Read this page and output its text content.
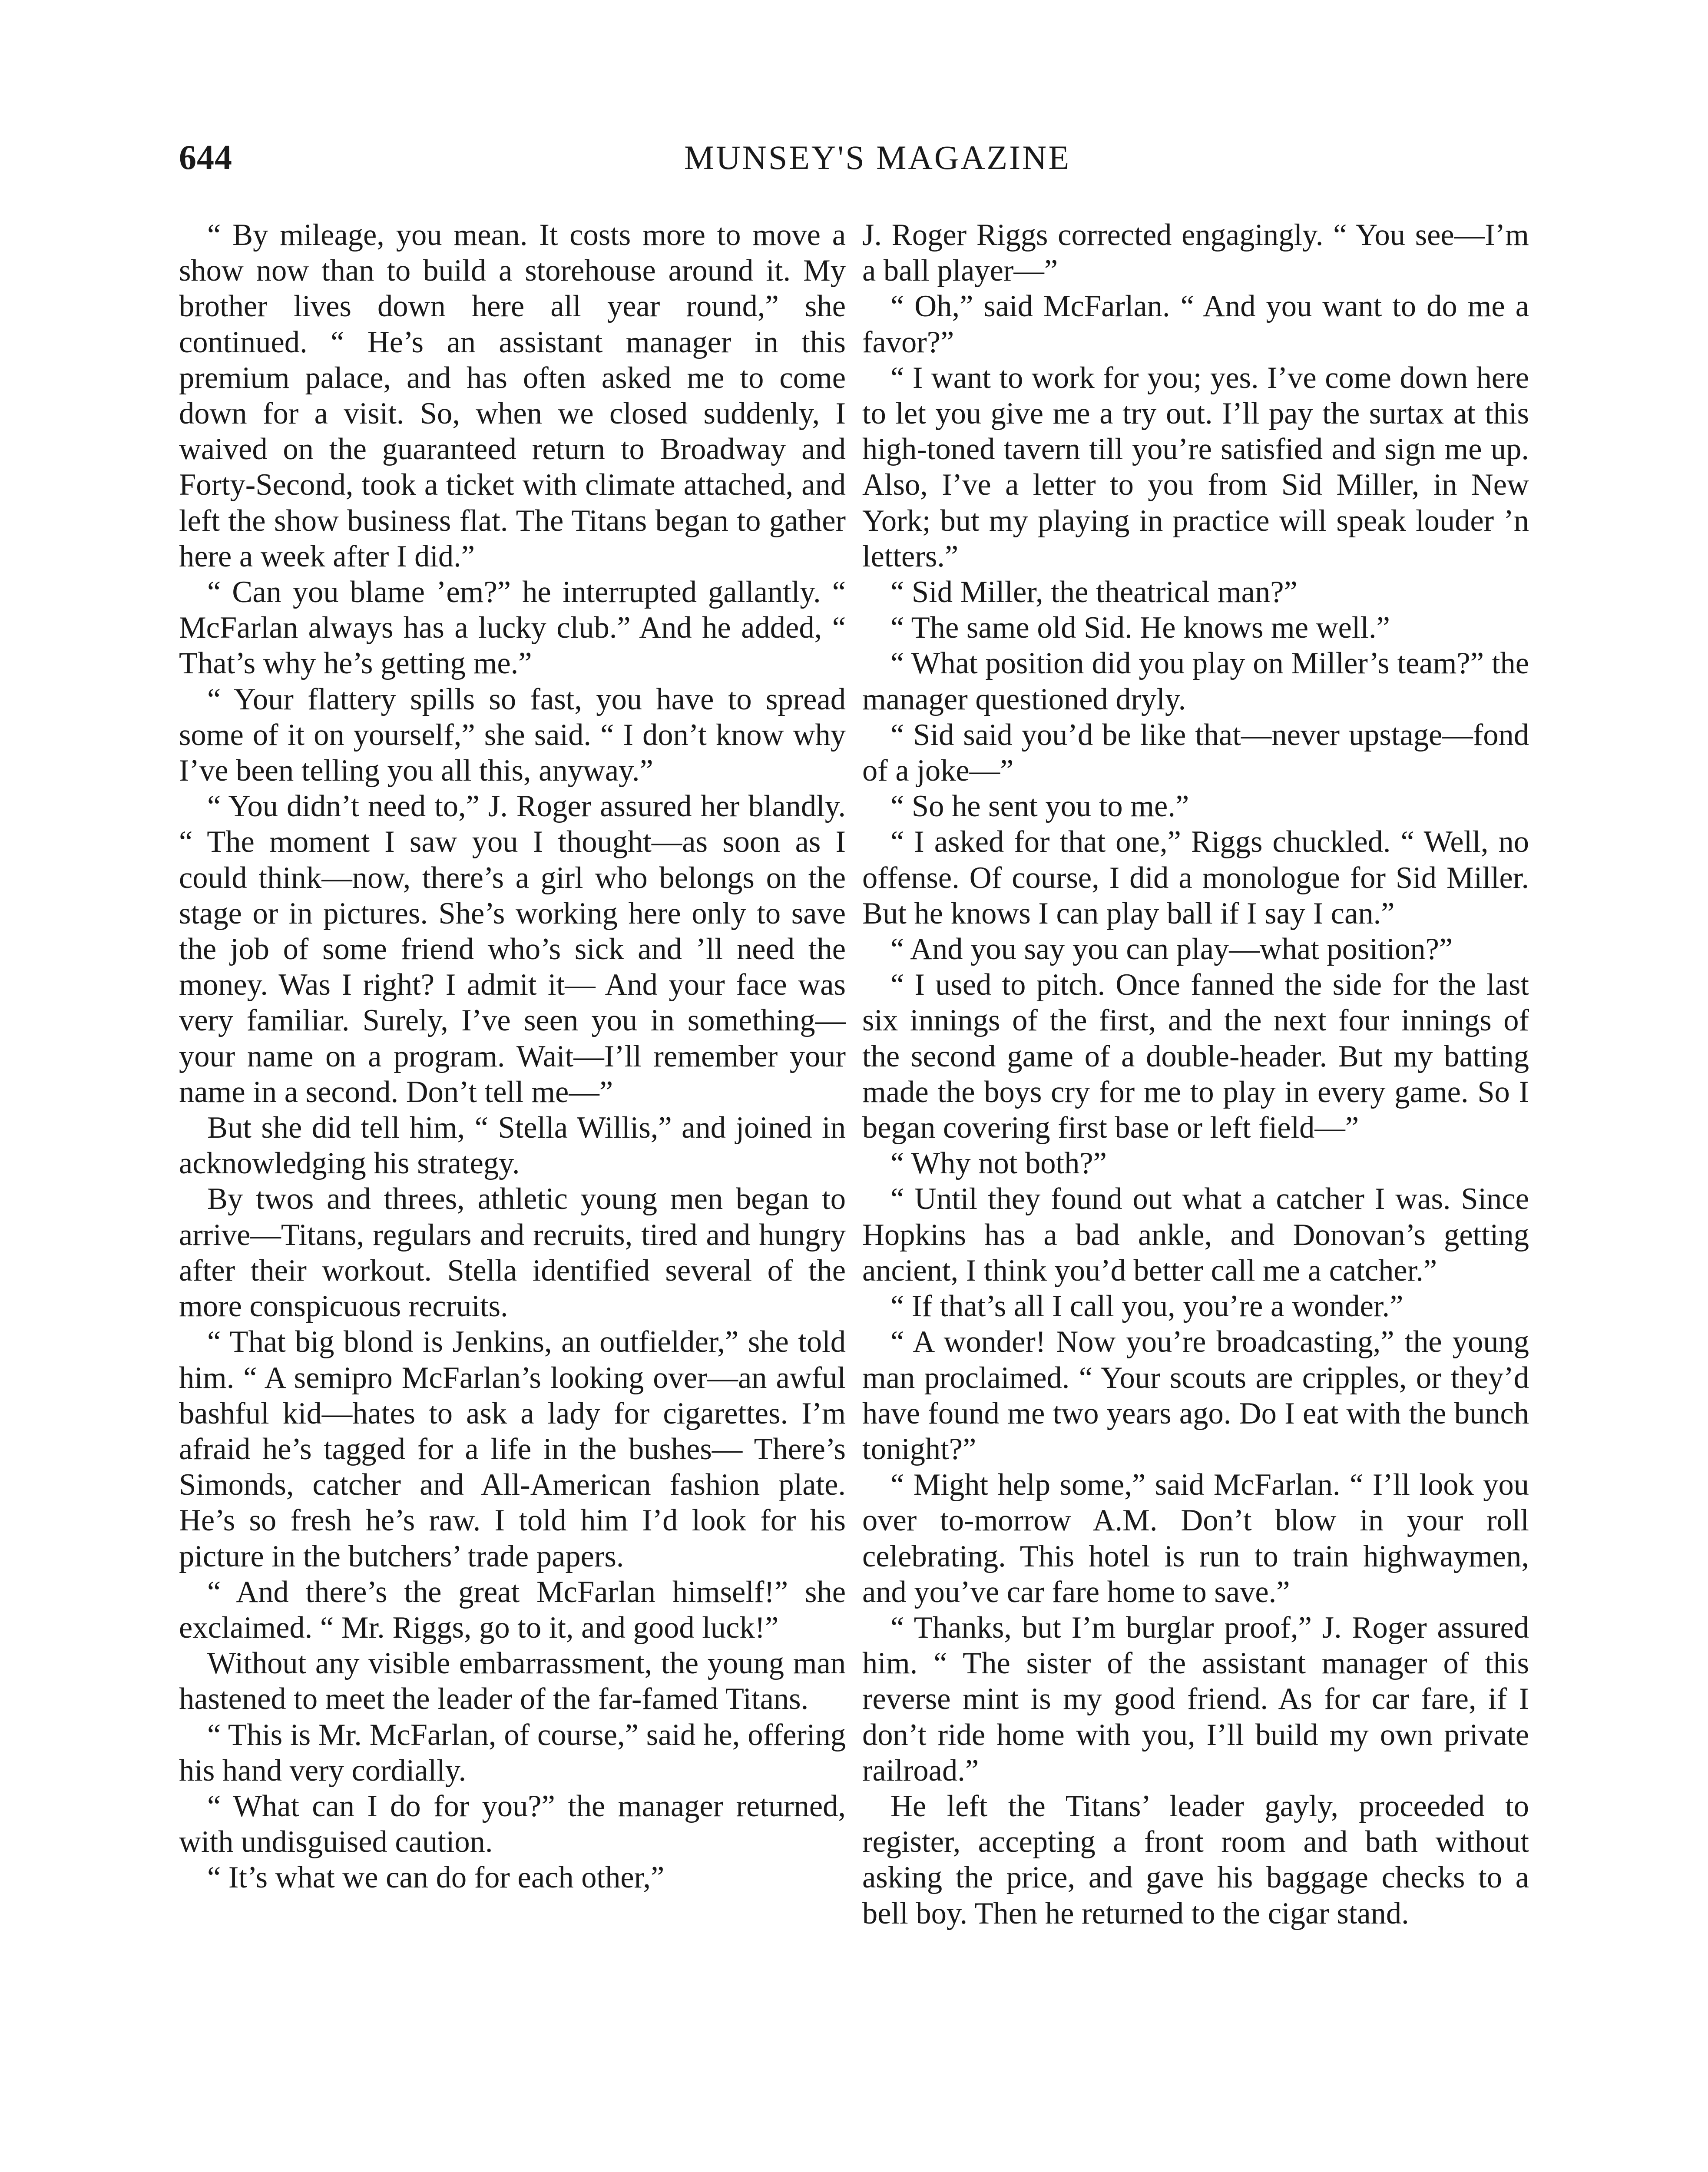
644	MUNSEY'S MAGAZINE

“ By mileage, you mean. It costs more to move a show now than to build a storehouse around it. My brother lives down here all year round,” she continued. “ He’s an assistant manager in this premium palace, and has often asked me to come down for a visit. So, when we closed suddenly, I waived on the guaranteed return to Broadway and Forty-Second, took a ticket with climate attached, and left the show business flat. The Titans began to gather here a week after I did.”

“ Can you blame ’em?” he interrupted gallantly. “ McFarlan always has a lucky club.” And he added, “ That’s why he’s getting me.”

“ Your flattery spills so fast, you have to spread some of it on yourself,” she said. “ I don’t know why I’ve been telling you all this, anyway.”

“ You didn’t need to,” J. Roger assured her blandly. “ The moment I saw you I thought—as soon as I could think—now, there’s a girl who belongs on the stage or in pictures. She’s working here only to save the job of some friend who’s sick and ’ll need the money. Was I right? I admit it— And your face was very familiar. Surely, I’ve seen you in something—your name on a program. Wait—I’ll remember your name in a second. Don’t tell me—”

But she did tell him, “ Stella Willis,” and joined in acknowledging his strategy.

By twos and threes, athletic young men began to arrive—Titans, regulars and recruits, tired and hungry after their workout. Stella identified several of the more conspicuous recruits.

“ That big blond is Jenkins, an outfielder,” she told him. “ A semipro McFarlan’s looking over—an awful bashful kid—hates to ask a lady for cigarettes. I’m afraid he’s tagged for a life in the bushes— There’s Simonds, catcher and All-American fashion plate. He’s so fresh he’s raw. I told him I’d look for his picture in the butchers’ trade papers.

“ And there’s the great McFarlan himself!” she exclaimed. “ Mr. Riggs, go to it, and good luck!”

Without any visible embarrassment, the young man hastened to meet the leader of the far-famed Titans.

“ This is Mr. McFarlan, of course,” said he, offering his hand very cordially.

“ What can I do for you?” the manager returned, with undisguised caution.

“ It’s what we can do for each other,”

J. Roger Riggs corrected engagingly. “ You see—I’m a ball player—”

“ Oh,” said McFarlan. “ And you want to do me a favor?”

“ I want to work for you; yes. I’ve come down here to let you give me a try out. I’ll pay the surtax at this high-toned tavern till you’re satisfied and sign me up. Also, I’ve a letter to you from Sid Miller, in New York; but my playing in practice will speak louder ’n letters.”

“ Sid Miller, the theatrical man?”

“ The same old Sid. He knows me well.”

“ What position did you play on Miller’s team?” the manager questioned dryly.

“ Sid said you’d be like that—never upstage—fond of a joke—”

“ So he sent you to me.”

“ I asked for that one,” Riggs chuckled. “ Well, no offense. Of course, I did a monologue for Sid Miller. But he knows I can play ball if I say I can.”

“ And you say you can play—what position?”

“ I used to pitch. Once fanned the side for the last six innings of the first, and the next four innings of the second game of a double-header. But my batting made the boys cry for me to play in every game. So I began covering first base or left field—”

“ Why not both?”

“ Until they found out what a catcher I was. Since Hopkins has a bad ankle, and Donovan’s getting ancient, I think you’d better call me a catcher.”

“ If that’s all I call you, you’re a wonder.”

“ A wonder! Now you’re broadcasting,” the young man proclaimed. “ Your scouts are cripples, or they’d have found me two years ago. Do I eat with the bunch tonight?”

“ Might help some,” said McFarlan. “ I’ll look you over to-morrow A.M. Don’t blow in your roll celebrating. This hotel is run to train highwaymen, and you’ve car fare home to save.”

“ Thanks, but I’m burglar proof,” J. Roger assured him. “ The sister of the assistant manager of this reverse mint is my good friend. As for car fare, if I don’t ride home with you, I’ll build my own private railroad.”

He left the Titans’ leader gayly, proceeded to register, accepting a front room and bath without asking the price, and gave his baggage checks to a bell boy. Then he returned to the cigar stand.
